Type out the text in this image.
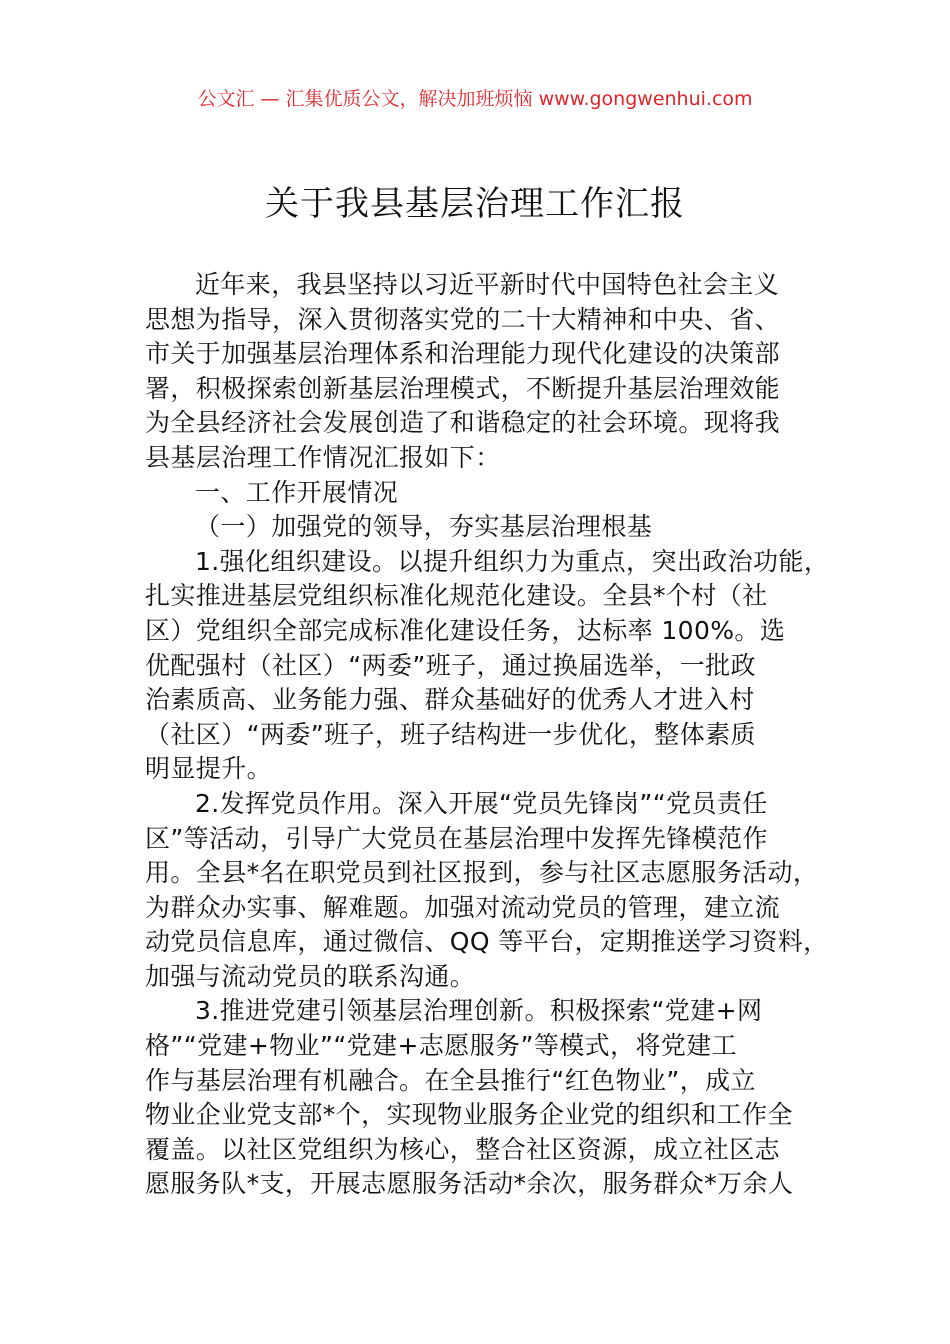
公文汇 — 汇集优质公文，解决加班烦恼 www.gongwenhui.com
关于我县基层治理工作汇报
近年来，我县坚持以习近平新时代中国特色社会主义
思想为指导，深入贯彻落实党的二十大精神和中央、省、
市关于加强基层治理体系和治理能力现代化建设的决策部
署，积极探索创新基层治理模式，不断提升基层治理效能
为全县经济社会发展创造了和谐稳定的社会环境。现将我
县基层治理工作情况汇报如下：
一、工作开展情况
（一）加强党的领导，夯实基层治理根基
1.强化组织建设。以提升组织力为重点，突出政治功能，
扎实推进基层党组织标准化规范化建设。全县*个村（社
区）党组织全部完成标准化建设任务，达标率 100%。选
优配强村（社区）“两委”班子，通过换届选举，一批政
治素质高、业务能力强、群众基础好的优秀人才进入村
（社区）“两委”班子，班子结构进一步优化，整体素质
明显提升。
2.发挥党员作用。深入开展“党员先锋岗”“党员责任
区”等活动，引导广大党员在基层治理中发挥先锋模范作
用。全县*名在职党员到社区报到，参与社区志愿服务活动，
为群众办实事、解难题。加强对流动党员的管理，建立流
动党员信息库，通过微信、QQ 等平台，定期推送学习资料，
加强与流动党员的联系沟通。
3.推进党建引领基层治理创新。积极探索“党建+网
格”“党建+物业”“党建+志愿服务”等模式，将党建工
作与基层治理有机融合。在全县推行“红色物业”，成立
物业企业党支部*个，实现物业服务企业党的组织和工作全
覆盖。以社区党组织为核心，整合社区资源，成立社区志
愿服务队*支，开展志愿服务活动*余次，服务群众*万余人
